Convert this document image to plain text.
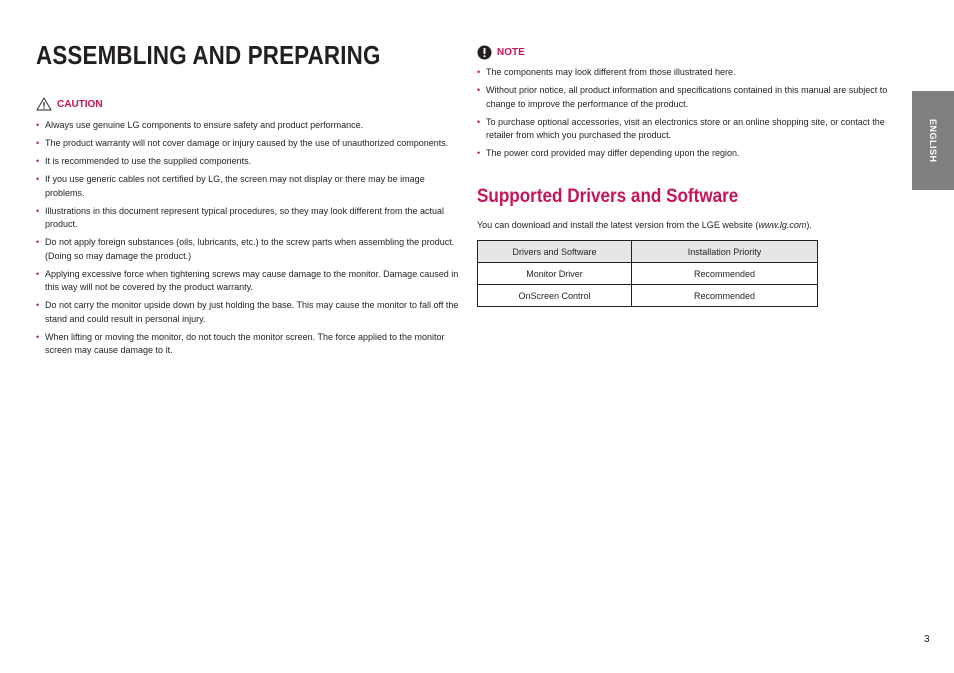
ASSEMBLING AND PREPARING
CAUTION
• Always use genuine LG components to ensure safety and product performance.
• The product warranty will not cover damage or injury caused by the use of unauthorized components.
• It is recommended to use the supplied components.
• If you use generic cables not certified by LG, the screen may not display or there may be image problems.
• Illustrations in this document represent typical procedures, so they may look different from the actual product.
• Do not apply foreign substances (oils, lubricants, etc.) to the screw parts when assembling the product. (Doing so may damage the product.)
• Applying excessive force when tightening screws may cause damage to the monitor. Damage caused in this way will not be covered by the product warranty.
• Do not carry the monitor upside down by just holding the base. This may cause the monitor to fall off the stand and could result in personal injury.
• When lifting or moving the monitor, do not touch the monitor screen. The force applied to the monitor screen may cause damage to it.
NOTE
• The components may look different from those illustrated here.
• Without prior notice, all product information and specifications contained in this manual are subject to change to improve the performance of the product.
• To purchase optional accessories, visit an electronics store or an online shopping site, or contact the retailer from which you purchased the product.
• The power cord provided may differ depending upon the region.
Supported Drivers and Software

You can download and install the latest version from the LGE website (www.lg.com).

Drivers and Software	Installation Priority
Monitor Driver	Recommended
OnScreen Control	Recommended
ENGLISH
3
